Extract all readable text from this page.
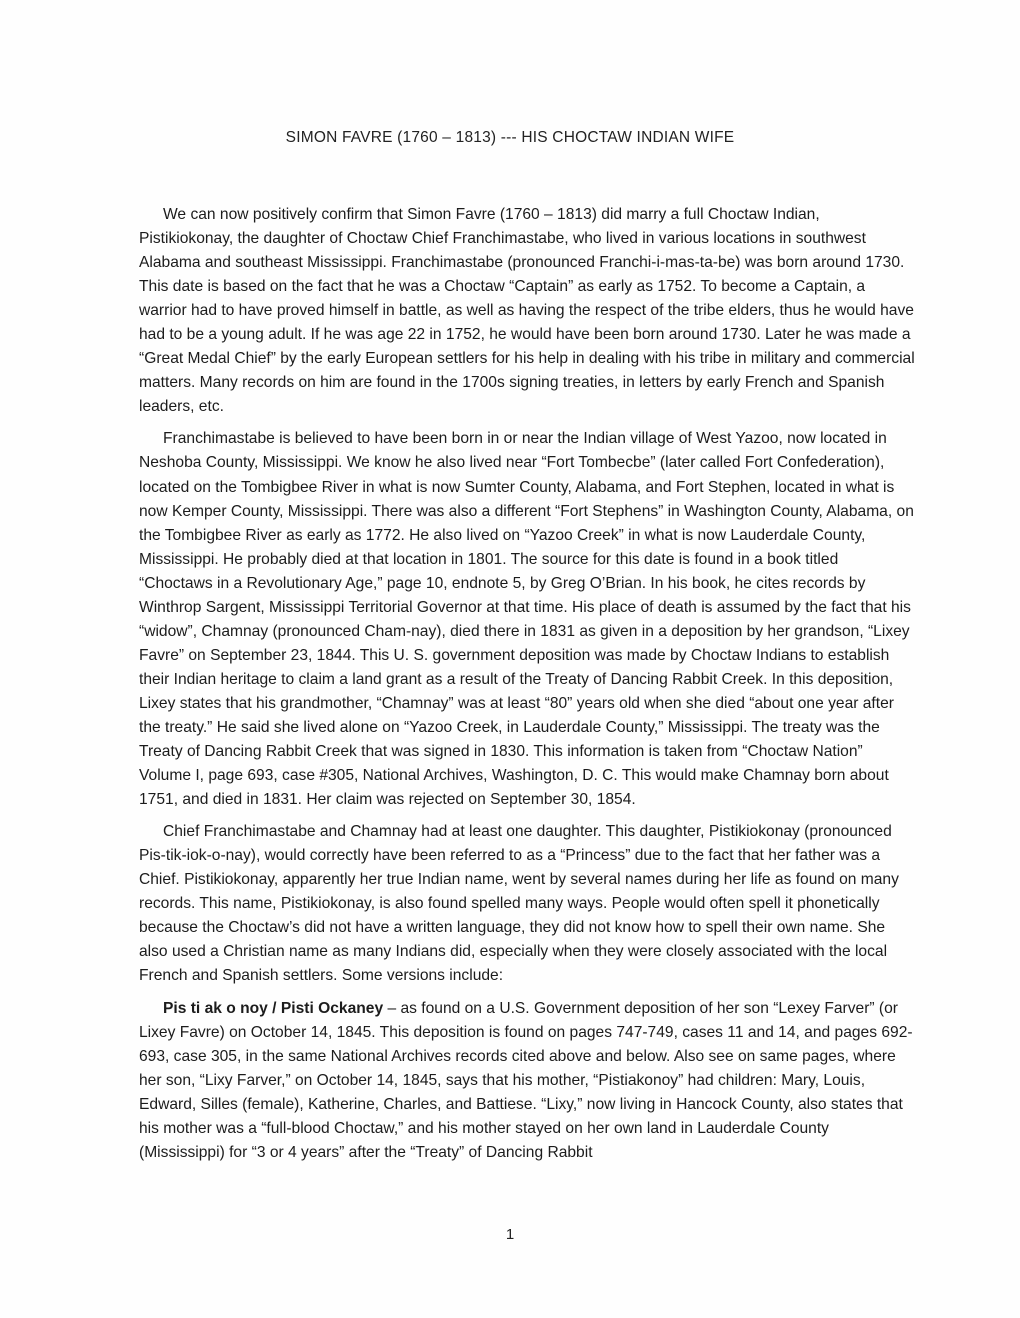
SIMON FAVRE (1760 – 1813) --- HIS CHOCTAW INDIAN WIFE

We can now positively confirm that Simon Favre (1760 – 1813) did marry a full Choctaw Indian, Pistikiokonay, the daughter of Choctaw Chief Franchimastabe, who lived in various locations in southwest Alabama and southeast Mississippi. Franchimastabe (pronounced Franchi-i-mas-ta-be) was born around 1730. This date is based on the fact that he was a Choctaw “Captain” as early as 1752. To become a Captain, a warrior had to have proved himself in battle, as well as having the respect of the tribe elders, thus he would have had to be a young adult. If he was age 22 in 1752, he would have been born around 1730. Later he was made a “Great Medal Chief” by the early European settlers for his help in dealing with his tribe in military and commercial matters. Many records on him are found in the 1700s signing treaties, in letters by early French and Spanish leaders, etc.

Franchimastabe is believed to have been born in or near the Indian village of West Yazoo, now located in Neshoba County, Mississippi. We know he also lived near “Fort Tombecbe” (later called Fort Confederation), located on the Tombigbee River in what is now Sumter County, Alabama, and Fort Stephen, located in what is now Kemper County, Mississippi. There was also a different “Fort Stephens” in Washington County, Alabama, on the Tombigbee River as early as 1772. He also lived on “Yazoo Creek” in what is now Lauderdale County, Mississippi. He probably died at that location in 1801. The source for this date is found in a book titled “Choctaws in a Revolutionary Age,” page 10, endnote 5, by Greg O’Brian. In his book, he cites records by Winthrop Sargent, Mississippi Territorial Governor at that time. His place of death is assumed by the fact that his “widow”, Chamnay (pronounced Cham-nay), died there in 1831 as given in a deposition by her grandson, “Lixey Favre” on September 23, 1844. This U. S. government deposition was made by Choctaw Indians to establish their Indian heritage to claim a land grant as a result of the Treaty of Dancing Rabbit Creek. In this deposition, Lixey states that his grandmother, “Chamnay” was at least “80” years old when she died “about one year after the treaty.” He said she lived alone on “Yazoo Creek, in Lauderdale County,” Mississippi. The treaty was the Treaty of Dancing Rabbit Creek that was signed in 1830. This information is taken from “Choctaw Nation” Volume I, page 693, case #305, National Archives, Washington, D. C. This would make Chamnay born about 1751, and died in 1831. Her claim was rejected on September 30, 1854.

Chief Franchimastabe and Chamnay had at least one daughter. This daughter, Pistikiokonay (pronounced Pis-tik-iok-o-nay), would correctly have been referred to as a “Princess” due to the fact that her father was a Chief. Pistikiokonay, apparently her true Indian name, went by several names during her life as found on many records. This name, Pistikiokonay, is also found spelled many ways. People would often spell it phonetically because the Choctaw’s did not have a written language, they did not know how to spell their own name. She also used a Christian name as many Indians did, especially when they were closely associated with the local French and Spanish settlers. Some versions include:

Pis ti ak o noy / Pisti Ockaney – as found on a U.S. Government deposition of her son “Lexey Farver” (or Lixey Favre) on October 14, 1845. This deposition is found on pages 747-749, cases 11 and 14, and pages 692-693, case 305, in the same National Archives records cited above and below. Also see on same pages, where her son, “Lixy Farver,” on October 14, 1845, says that his mother, “Pistiakonoy” had children: Mary, Louis, Edward, Silles (female), Katherine, Charles, and Battiese. “Lixy,” now living in Hancock County, also states that his mother was a “full-blood Choctaw,” and his mother stayed on her own land in Lauderdale County (Mississippi) for “3 or 4 years” after the “Treaty” of Dancing Rabbit

1
